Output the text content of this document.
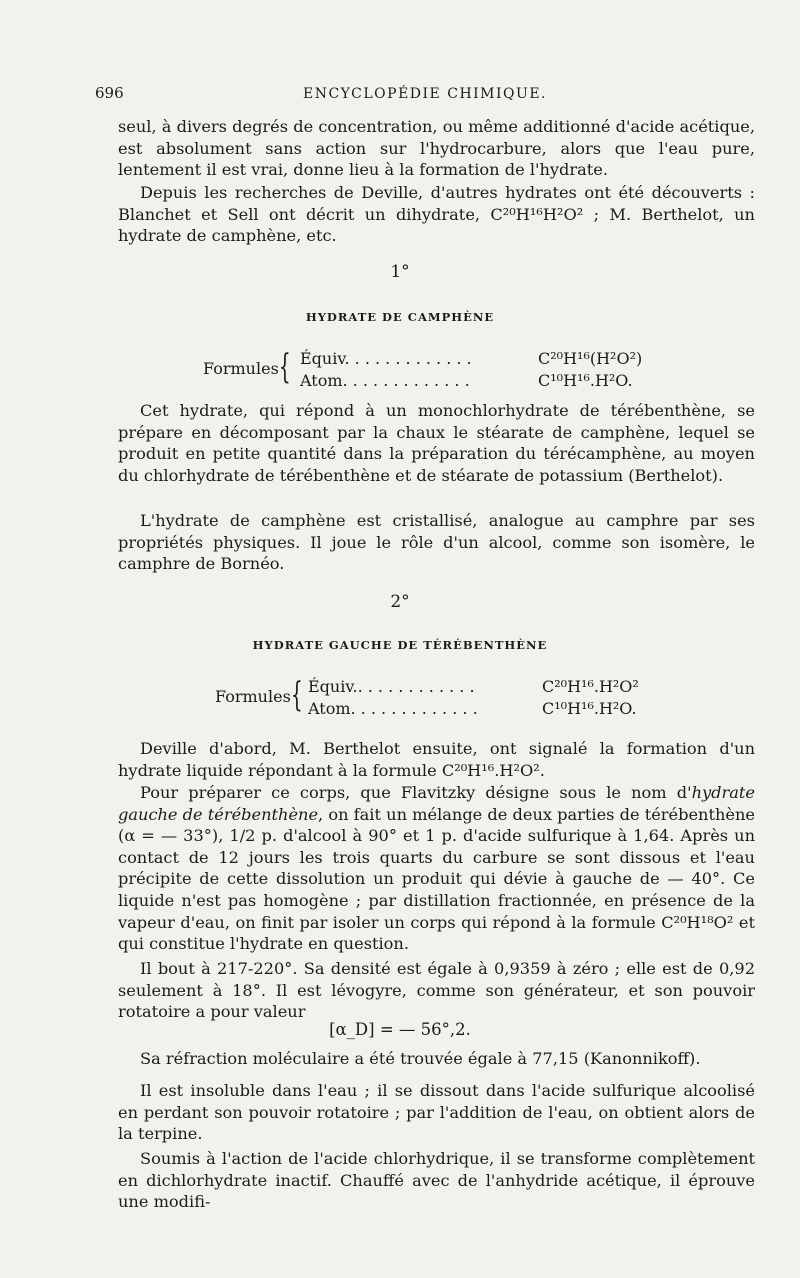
696	ENCYCLOPÉDIE CHIMIQUE.

seul, à divers degrés de concentration, ou même additionné d'acide acétique, est absolument sans action sur l'hydrocarbure, alors que l'eau pure, lentement il est vrai, donne lieu à la formation de l'hydrate.

Depuis les recherches de Deville, d'autres hydrates ont été découverts : Blanchet et Sell ont décrit un dihydrate, C²⁰H¹⁶H²O² ; M. Berthelot, un hydrate de camphène, etc.

1°
HYDRATE DE CAMPHÈNE
Formules { Équiv. . . . . . . . . . . . .	C²⁰H¹⁶(H²O²)
Atom. . . . . . . . . . . . .	C¹⁰H¹⁶.H²O.

Cet hydrate, qui répond à un monochlorhydrate de térébenthène, se prépare en décomposant par la chaux le stéarate de camphène, lequel se produit en petite quantité dans la préparation du térécamphène, au moyen du chlorhydrate de térébenthène et de stéarate de potassium (Berthelot).

L'hydrate de camphène est cristallisé, analogue au camphre par ses propriétés physiques. Il joue le rôle d'un alcool, comme son isomère, le camphre de Bornéo.

2°
HYDRATE GAUCHE DE TÉRÉBENTHÈNE
Formules { Équiv.. . . . . . . . . . . .	C²⁰H¹⁶.H²O²
Atom. . . . . . . . . . . . .	C¹⁰H¹⁶.H²O.

Deville d'abord, M. Berthelot ensuite, ont signalé la formation d'un hydrate liquide répondant à la formule C²⁰H¹⁶.H²O².

Pour préparer ce corps, que Flavitzky désigne sous le nom d'hydrate gauche de térébenthène, on fait un mélange de deux parties de térébenthène (α = — 33°), 1/2 p. d'alcool à 90° et 1 p. d'acide sulfurique à 1,64. Après un contact de 12 jours les trois quarts du carbure se sont dissous et l'eau précipite de cette dissolution un produit qui dévie à gauche de — 40°. Ce liquide n'est pas homogène ; par distillation fractionnée, en présence de la vapeur d'eau, on finit par isoler un corps qui répond à la formule C²⁰H¹⁸O² et qui constitue l'hydrate en question.

Il bout à 217-220°. Sa densité est égale à 0,9359 à zéro ; elle est de 0,92 seulement à 18°. Il est lévogyre, comme son générateur, et son pouvoir rotatoire a pour valeur

[α_D] = — 56°,2.

Sa réfraction moléculaire a été trouvée égale à 77,15 (Kanonnikoff).

Il est insoluble dans l'eau ; il se dissout dans l'acide sulfurique alcoolisé en perdant son pouvoir rotatoire ; par l'addition de l'eau, on obtient alors de la terpine.

Soumis à l'action de l'acide chlorhydrique, il se transforme complètement en dichlorhydrate inactif. Chauffé avec de l'anhydride acétique, il éprouve une modifi-
